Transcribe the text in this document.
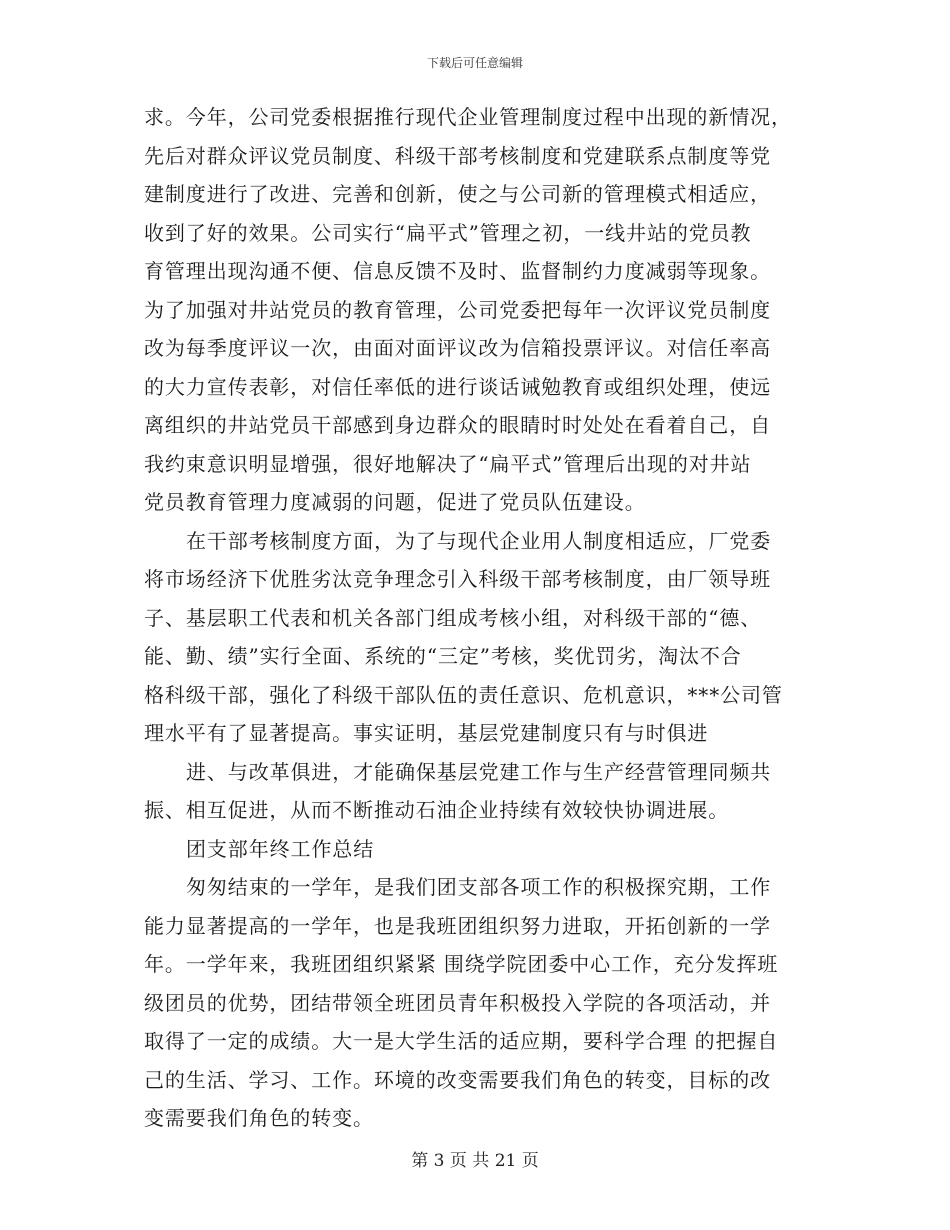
下载后可任意编辑
求。今年，公司党委根据推行现代企业管理制度过程中出现的新情况，
先后对群众评议党员制度、科级干部考核制度和党建联系点制度等党
建制度进行了改进、完善和创新，使之与公司新的管理模式相适应，
收到了好的效果。公司实行“扁平式”管理之初，一线井站的党员教
育管理出现沟通不便、信息反馈不及时、监督制约力度减弱等现象。
为了加强对井站党员的教育管理，公司党委把每年一次评议党员制度
改为每季度评议一次，由面对面评议改为信箱投票评议。对信任率高
的大力宣传表彰，对信任率低的进行谈话诫勉教育或组织处理，使远
离组织的井站党员干部感到身边群众的眼睛时时处处在看着自己，自
我约束意识明显增强，很好地解决了“扁平式”管理后出现的对井站
党员教育管理力度减弱的问题，促进了党员队伍建设。
在干部考核制度方面，为了与现代企业用人制度相适应，厂党委
将市场经济下优胜劣汰竞争理念引入科级干部考核制度，由厂领导班
子、基层职工代表和机关各部门组成考核小组，对科级干部的“德、
能、勤、绩”实行全面、系统的“三定”考核，奖优罚劣，淘汰不合
格科级干部，强化了科级干部队伍的责任意识、危机意识，***公司管
理水平有了显著提高。事实证明，基层党建制度只有与时俱进
进、与改革俱进，才能确保基层党建工作与生产经营管理同频共
振、相互促进，从而不断推动石油企业持续有效较快协调进展。
团支部年终工作总结
匆匆结束的一学年，是我们团支部各项工作的积极探究期，工作
能力显著提高的一学年，也是我班团组织努力进取，开拓创新的一学
年。一学年来，我班团组织紧紧 围绕学院团委中心工作，充分发挥班
级团员的优势，团结带领全班团员青年积极投入学院的各项活动，并
取得了一定的成绩。大一是大学生活的适应期，要科学合理 的把握自
己的生活、学习、工作。环境的改变需要我们角色的转变，目标的改
变需要我们角色的转变。
第 3 页 共 21 页
